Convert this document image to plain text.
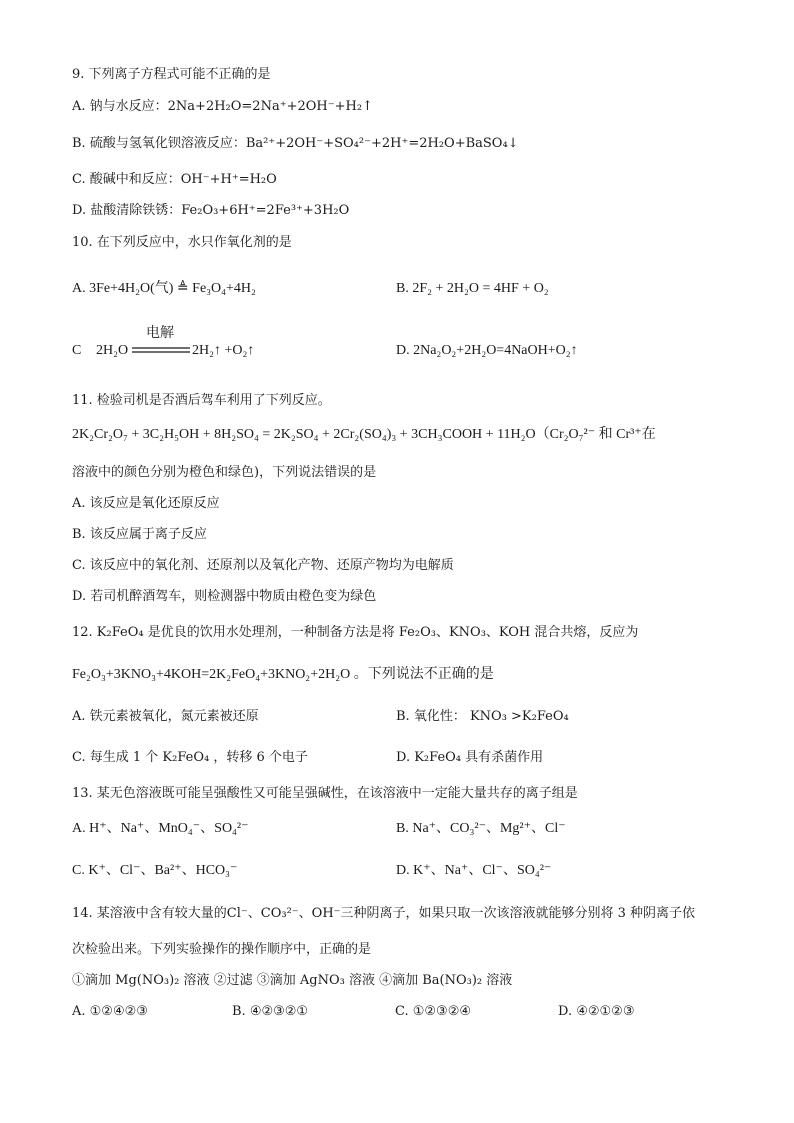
9. 下列离子方程式可能不正确的是
A. 钠与水反应：2Na+2H₂O=2Na⁺+2OH⁻+H₂↑
B. 硫酸与氢氧化钡溶液反应：Ba²⁺+2OH⁻+SO₄²⁻+2H⁺=2H₂O+BaSO₄↓
C. 酸碱中和反应：OH⁻+H⁺=H₂O
D. 盐酸清除铁锈：Fe₂O₃+6H⁺=2Fe³⁺+3H₂O
10. 在下列反应中，水只作氧化剂的是
A. 3Fe+4H₂O(气) ≜ Fe₃O₄+4H₂	B. 2F₂ + 2H₂O = 4HF + O₂
C 2H₂O
电解
2H₂↑ +O₂↑	D. 2Na₂O₂+2H₂O=4NaOH+O₂↑
11. 检验司机是否酒后驾车利用了下列反应。
2K₂Cr₂O₇ + 3C₂H₅OH + 8H₂SO₄ = 2K₂SO₄ + 2Cr₂(SO₄)₃ + 3CH₃COOH + 11H₂O（Cr₂O₇²⁻ 和 Cr³⁺在
溶液中的颜色分别为橙色和绿色)，下列说法错误的是
A. 该反应是氧化还原反应
B. 该反应属于离子反应
C. 该反应中的氧化剂、还原剂以及氧化产物、还原产物均为电解质
D. 若司机醉酒驾车，则检测器中物质由橙色变为绿色
12. K₂FeO₄ 是优良的饮用水处理剂，一种制备方法是将 Fe₂O₃、KNO₃、KOH 混合共熔，反应为
Fe₂O₃+3KNO₃+4KOH=2K₂FeO₄+3KNO₂+2H₂O 。下列说法不正确的是
A. 铁元素被氧化，氮元素被还原	B. 氧化性： KNO₃ >K₂FeO₄
C. 每生成 1 个 K₂FeO₄ ，转移 6 个电子	D. K₂FeO₄ 具有杀菌作用
13. 某无色溶液既可能呈强酸性又可能呈强碱性，在该溶液中一定能大量共存的离子组是
A. H⁺、Na⁺、MnO₄⁻、SO₄²⁻	B. Na⁺、CO₃²⁻、Mg²⁺、Cl⁻
C. K⁺、Cl⁻、Ba²⁺、HCO₃⁻	D. K⁺、Na⁺、Cl⁻、SO₄²⁻
14. 某溶液中含有较大量的Cl⁻、CO₃²⁻、OH⁻三种阴离子，如果只取一次该溶液就能够分别将 3 种阴离子依
次检验出来。下列实验操作的操作顺序中，正确的是
①滴加 Mg(NO₃)₂ 溶液 ②过滤 ③滴加 AgNO₃ 溶液 ④滴加 Ba(NO₃)₂ 溶液
A. ①②④②③	B. ④②③②①	C. ①②③②④	D. ④②①②③
